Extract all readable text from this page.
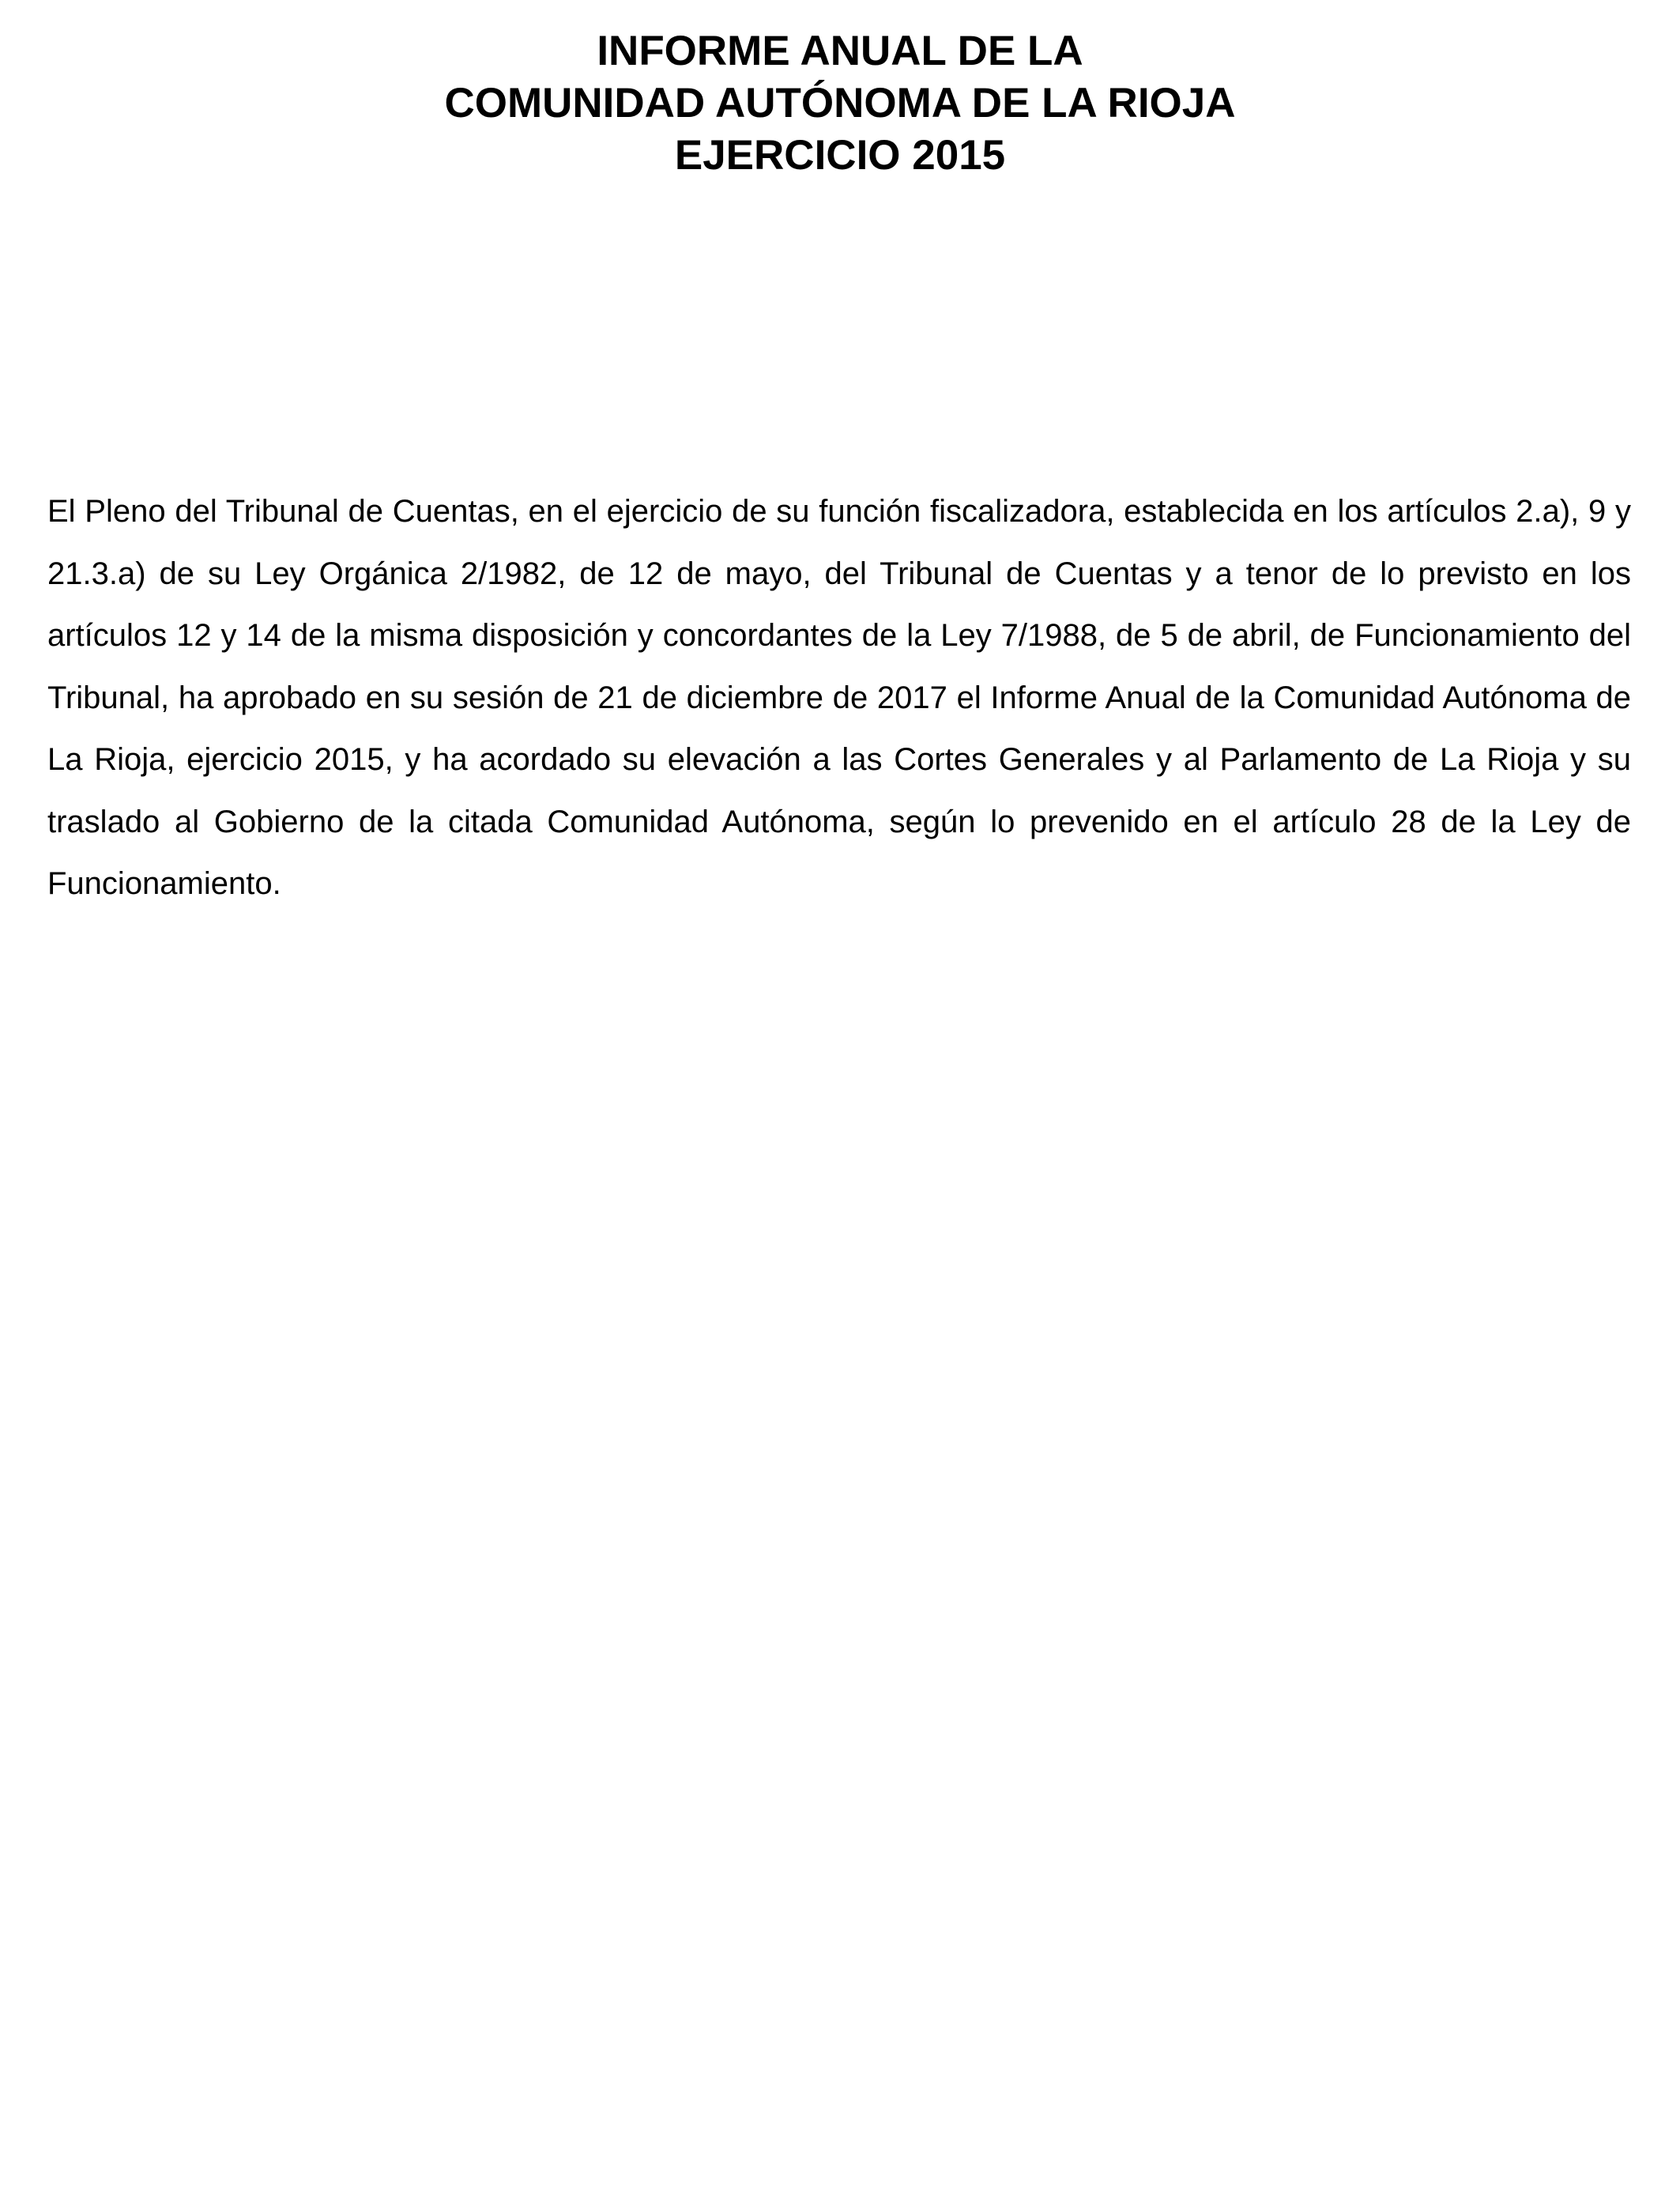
INFORME ANUAL DE LA
COMUNIDAD AUTÓNOMA DE LA RIOJA
EJERCICIO 2015

El Pleno del Tribunal de Cuentas, en el ejercicio de su función fiscalizadora, establecida en los artículos 2.a), 9 y 21.3.a) de su Ley Orgánica 2/1982, de 12 de mayo, del Tribunal de Cuentas y a tenor de lo previsto en los artículos 12 y 14 de la misma disposición y concordantes de la Ley 7/1988, de 5 de abril, de Funcionamiento del Tribunal, ha aprobado en su sesión de 21 de diciembre de 2017 el Informe Anual de la Comunidad Autónoma de La Rioja, ejercicio 2015, y ha acordado su elevación a las Cortes Generales y al Parlamento de La Rioja y su traslado al Gobierno de la citada Comunidad Autónoma, según lo prevenido en el artículo 28 de la Ley de Funcionamiento.
